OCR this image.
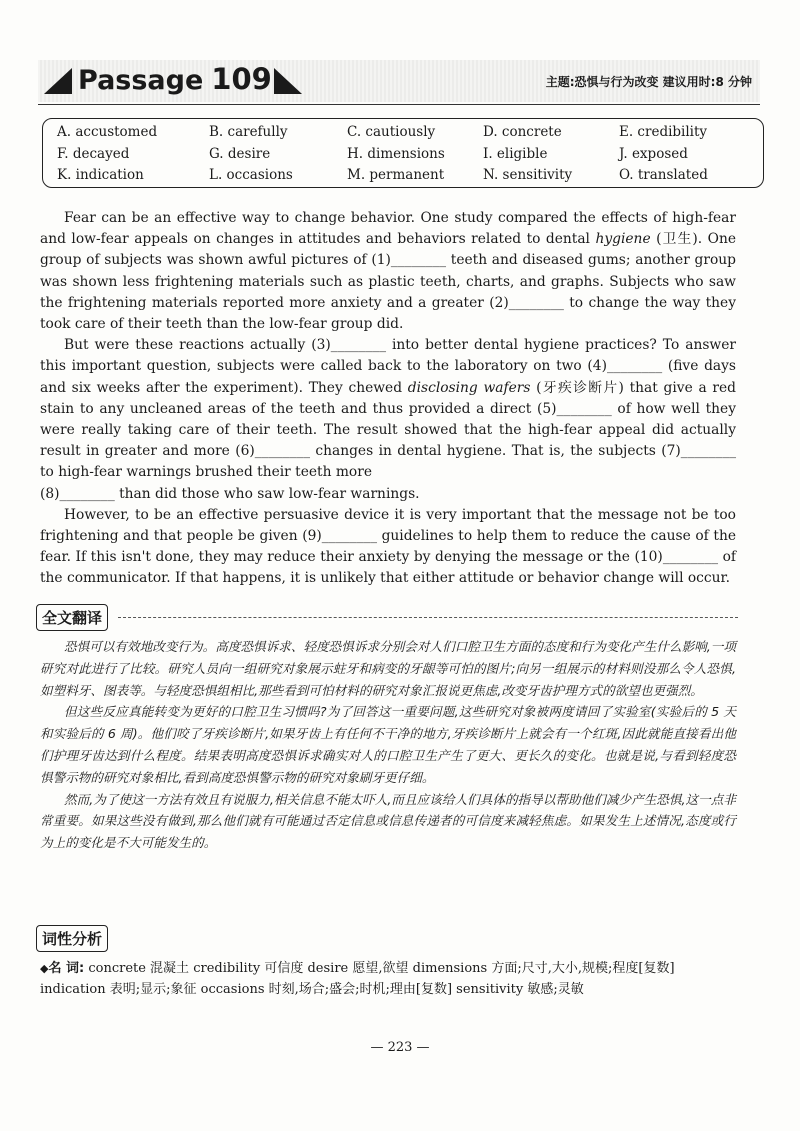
Passage 109	主题:恐惧与行为改变 建议用时:8 分钟
A. accustomed	B. carefully	C. cautiously	D. concrete	E. credibility
F. decayed	G. desire	H. dimensions	I. eligible	J. exposed
K. indication	L. occasions	M. permanent	N. sensitivity	O. translated

Fear can be an effective way to change behavior. One study compared the effects of high-fear and low-fear appeals on changes in attitudes and behaviors related to dental hygiene (卫生). One group of subjects was shown awful pictures of (1)________ teeth and diseased gums; another group was shown less frightening materials such as plastic teeth, charts, and graphs. Subjects who saw the frightening materials reported more anxiety and a greater (2)________ to change the way they took care of their teeth than the low-fear group did.

But were these reactions actually (3)________ into better dental hygiene practices? To answer this important question, subjects were called back to the laboratory on two (4)________ (five days and six weeks after the experiment). They chewed disclosing wafers (牙疾诊断片) that give a red stain to any uncleaned areas of the teeth and thus provided a direct (5)________ of how well they were really taking care of their teeth. The result showed that the high-fear appeal did actually result in greater and more (6)________ changes in dental hygiene. That is, the subjects (7)________ to high-fear warnings brushed their teeth more

(8)________ than did those who saw low-fear warnings.

However, to be an effective persuasive device it is very important that the message not be too frightening and that people be given (9)________ guidelines to help them to reduce the cause of the fear. If this isn't done, they may reduce their anxiety by denying the message or the (10)________ of the communicator. If that happens, it is unlikely that either attitude or behavior change will occur.

全文翻译

恐惧可以有效地改变行为。高度恐惧诉求、轻度恐惧诉求分别会对人们口腔卫生方面的态度和行为变化产生什么影响,一项研究对此进行了比较。研究人员向一组研究对象展示蛀牙和病变的牙龈等可怕的图片;向另一组展示的材料则没那么令人恐惧,如塑料牙、图表等。与轻度恐惧组相比,那些看到可怕材料的研究对象汇报说更焦虑,改变牙齿护理方式的欲望也更强烈。

但这些反应真能转变为更好的口腔卫生习惯吗?为了回答这一重要问题,这些研究对象被两度请回了实验室(实验后的 5 天和实验后的 6 周)。他们咬了牙疾诊断片,如果牙齿上有任何不干净的地方,牙疾诊断片上就会有一个红斑,因此就能直接看出他们护理牙齿达到什么程度。结果表明高度恐惧诉求确实对人的口腔卫生产生了更大、更长久的变化。也就是说,与看到轻度恐惧警示物的研究对象相比,看到高度恐惧警示物的研究对象刷牙更仔细。

然而,为了使这一方法有效且有说服力,相关信息不能太吓人,而且应该给人们具体的指导以帮助他们减少产生恐惧,这一点非常重要。如果这些没有做到,那么他们就有可能通过否定信息或信息传递者的可信度来减轻焦虑。如果发生上述情况,态度或行为上的变化是不大可能发生的。

词性分析
◆名 词: concrete 混凝土 credibility 可信度 desire 愿望,欲望 dimensions 方面;尺寸,大小,规模;程度[复数] indication 表明;显示;象征 occasions 时刻,场合;盛会;时机;理由[复数] sensitivity 敏感;灵敏
— 223 —
